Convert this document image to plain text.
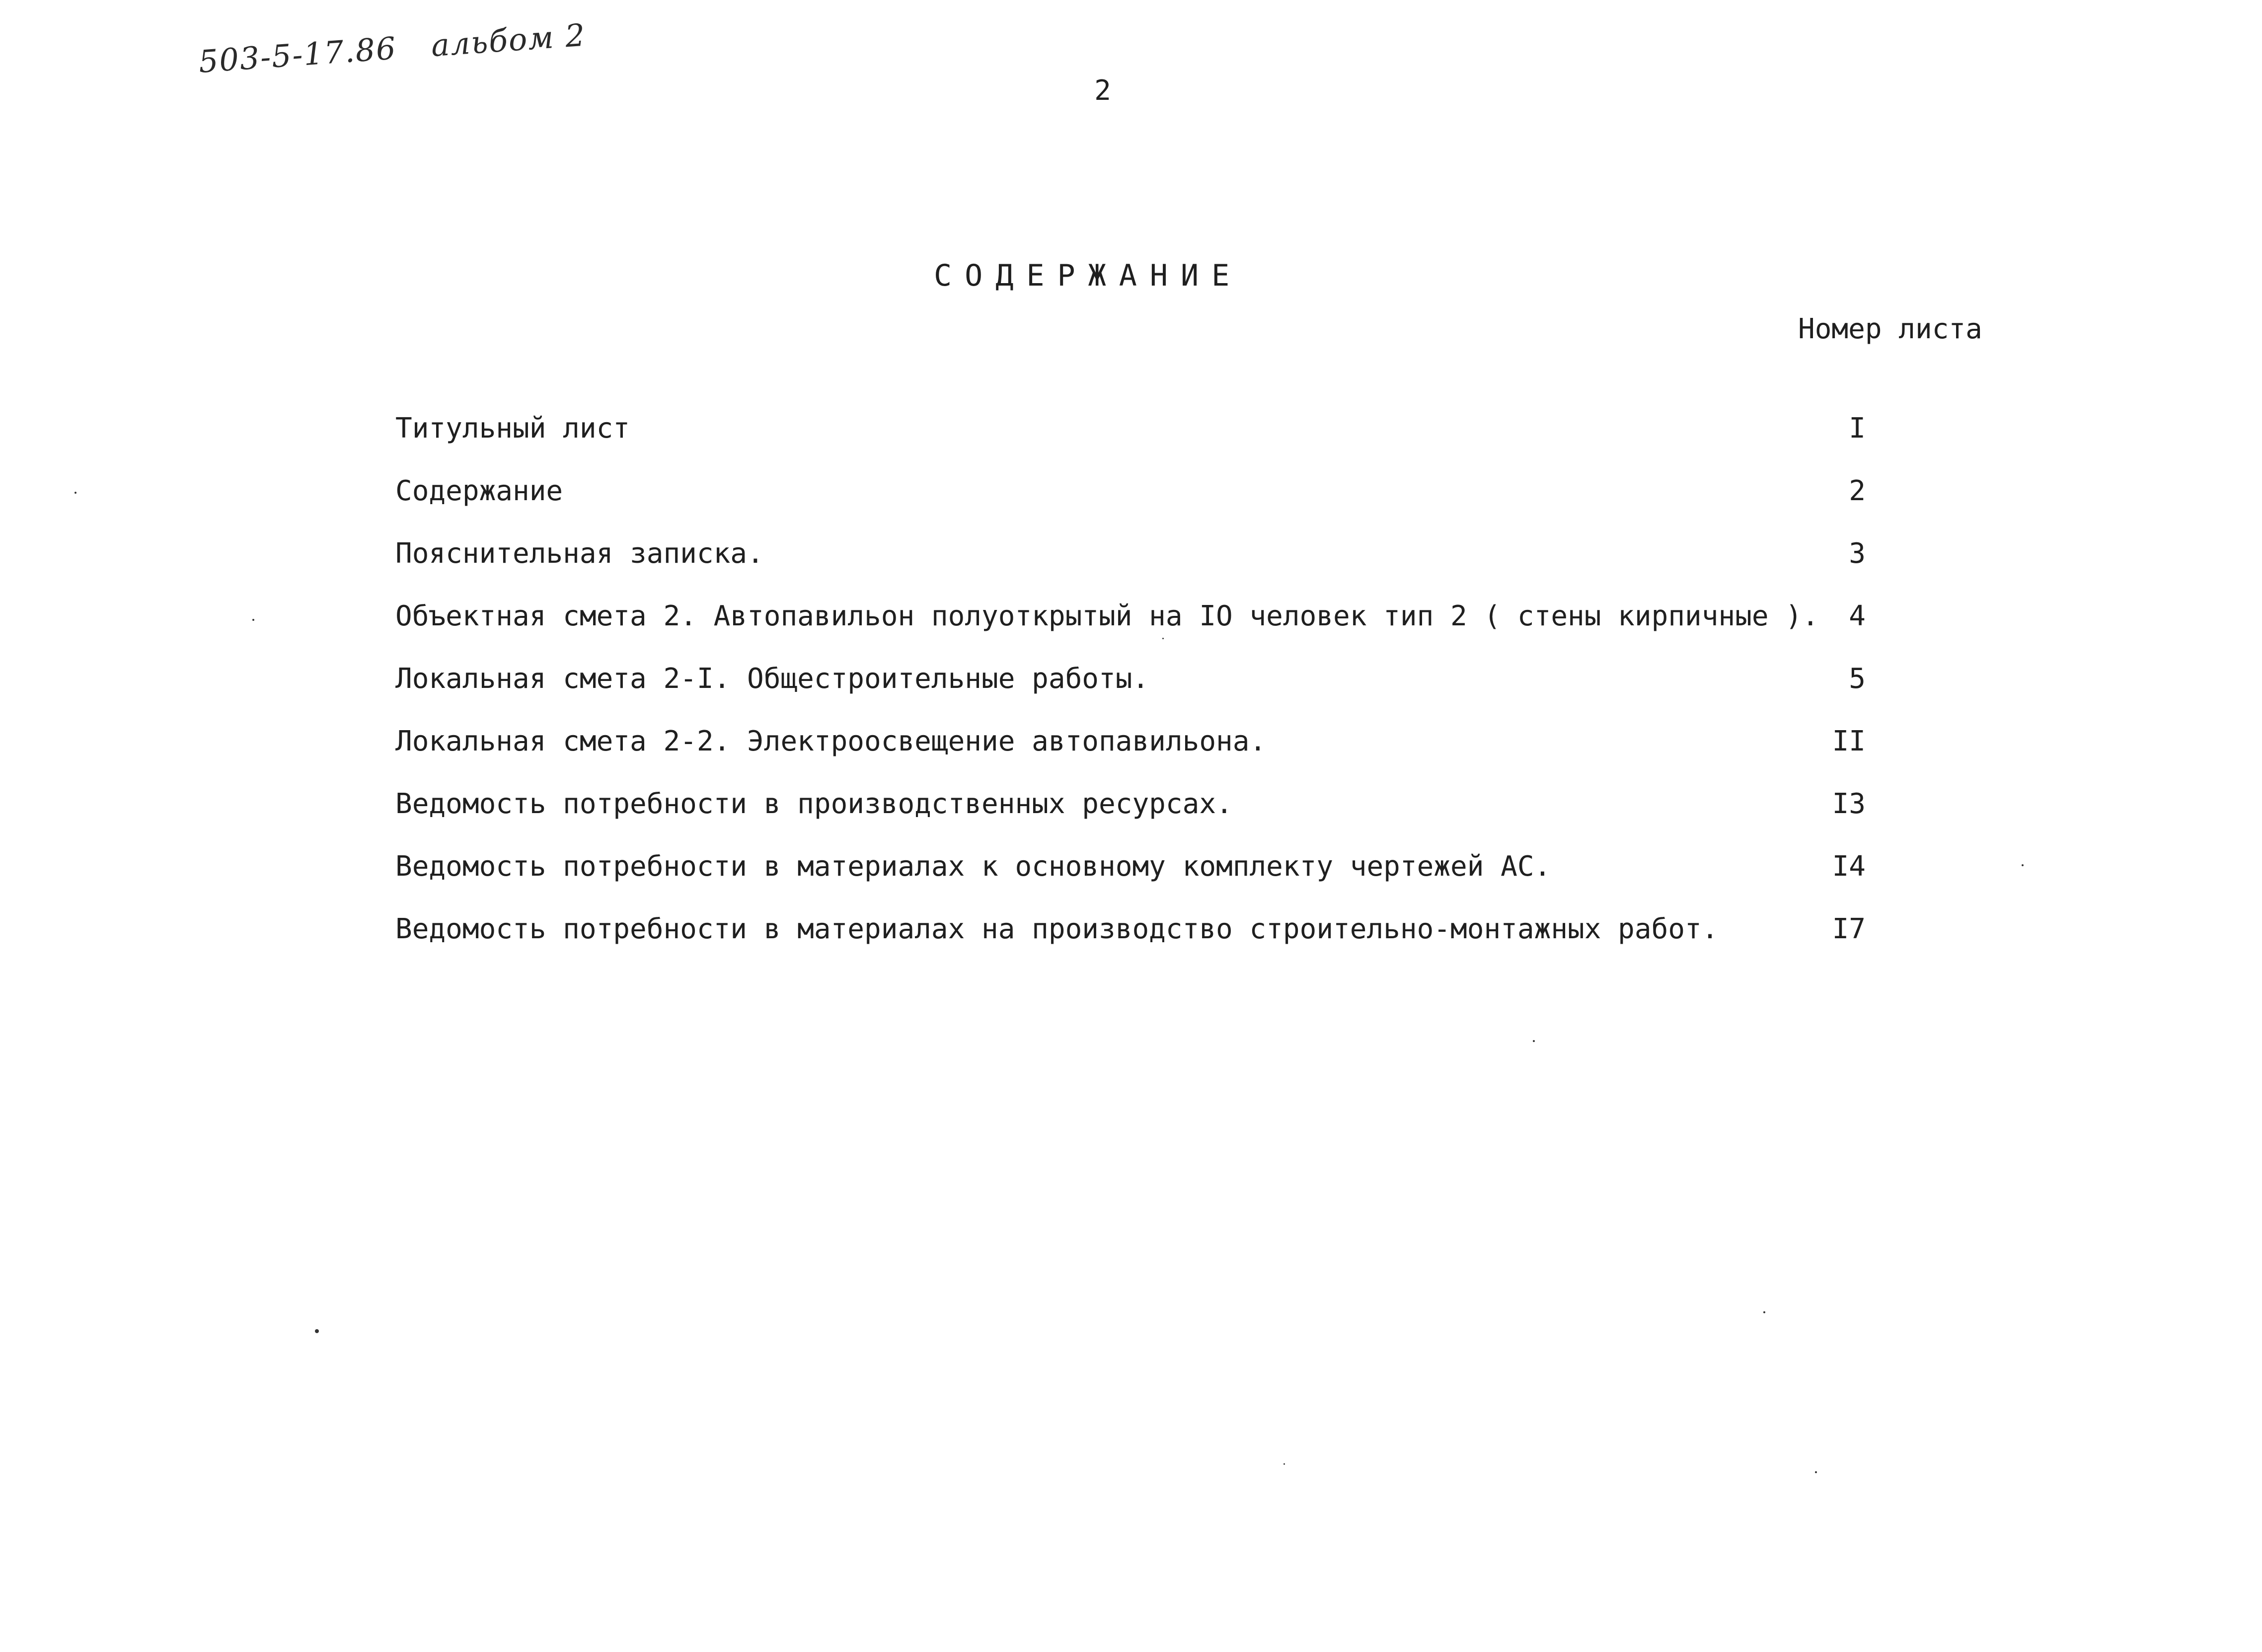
503-5-17.86 альбом 2
2
СОДЕРЖАНИЕ
Номер листа
Титульный лист	I
Содержание	2
Пояснительная записка.	3
Объектная смета 2. Автопавильон полуоткрытый на IO человек тип 2 ( стены кирпичные ).	4
Локальная смета 2-I. Общестроительные работы.	5
Локальная смета 2-2. Электроосвещение автопавильона.	II
Ведомость потребности в производственных ресурсах.	I3
Ведомость потребности в материалах к основному комплекту чертежей АС.	I4
Ведомость потребности в материалах на производство строительно-монтажных работ.	I7
